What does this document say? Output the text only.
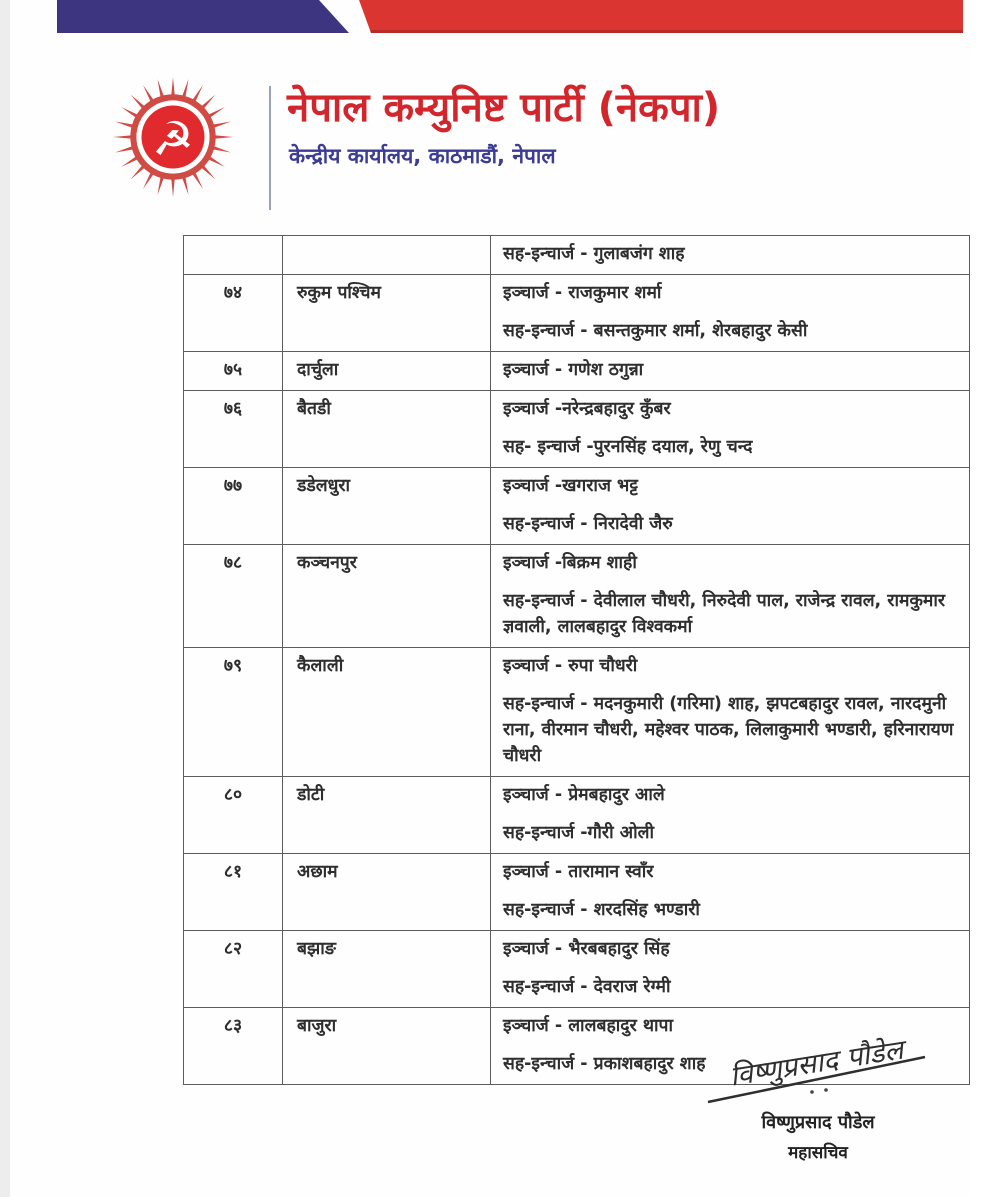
☭
नेपाल कम्युनिष्ट पार्टी (नेकपा)
केन्द्रीय कार्यालय, काठमाडौं, नेपाल

		सह-इन्चार्ज - गुलाबजंग शाह

७४	रुकुम पश्चिम	इञ्चार्ज - राजकुमार शर्मा

सह-इन्चार्ज - बसन्तकुमार शर्मा, शेरबहादुर केसी

७५	दार्चुला	इञ्चार्ज - गणेश ठगुन्ना

७६	बैतडी	इञ्चार्ज -नरेन्द्रबहादुर कुँबर

सह- इन्चार्ज -पुरनसिंह दयाल, रेणु चन्द

७७	डडेलधुरा	इञ्चार्ज -खगराज भट्ट

सह-इन्चार्ज - निरादेवी जैरु

७८	कञ्चनपुर	इञ्चार्ज -बिक्रम शाही

सह-इन्चार्ज - देवीलाल चौधरी, निरुदेवी पाल, राजेन्द्र रावल, रामकुमार ज्ञवाली, लालबहादुर विश्वकर्मा

७९	कैलाली	इञ्चार्ज - रुपा चौधरी

सह-इन्चार्ज - मदनकुमारी (गरिमा) शाह, झपटबहादुर रावल, नारदमुनी राना, वीरमान चौधरी, महेश्वर पाठक, लिलाकुमारी भण्डारी, हरिनारायण चौधरी

८०	डोटी	इञ्चार्ज - प्रेमबहादुर आले

सह-इन्चार्ज -गौरी ओली

८१	अछाम	इञ्चार्ज - तारामान स्वाँर

सह-इन्चार्ज - शरदसिंह भण्डारी

८२	बझाङ	इञ्चार्ज - भैरबबहादुर सिंह

सह-इन्चार्ज - देवराज रेग्मी

८३	बाजुरा	इञ्चार्ज - लालबहादुर थापा

सह-इन्चार्ज - प्रकाशबहादुर शाह विष्णुप्रसाद पौडेल
विष्णुप्रसाद पौडेल
महासचिव
